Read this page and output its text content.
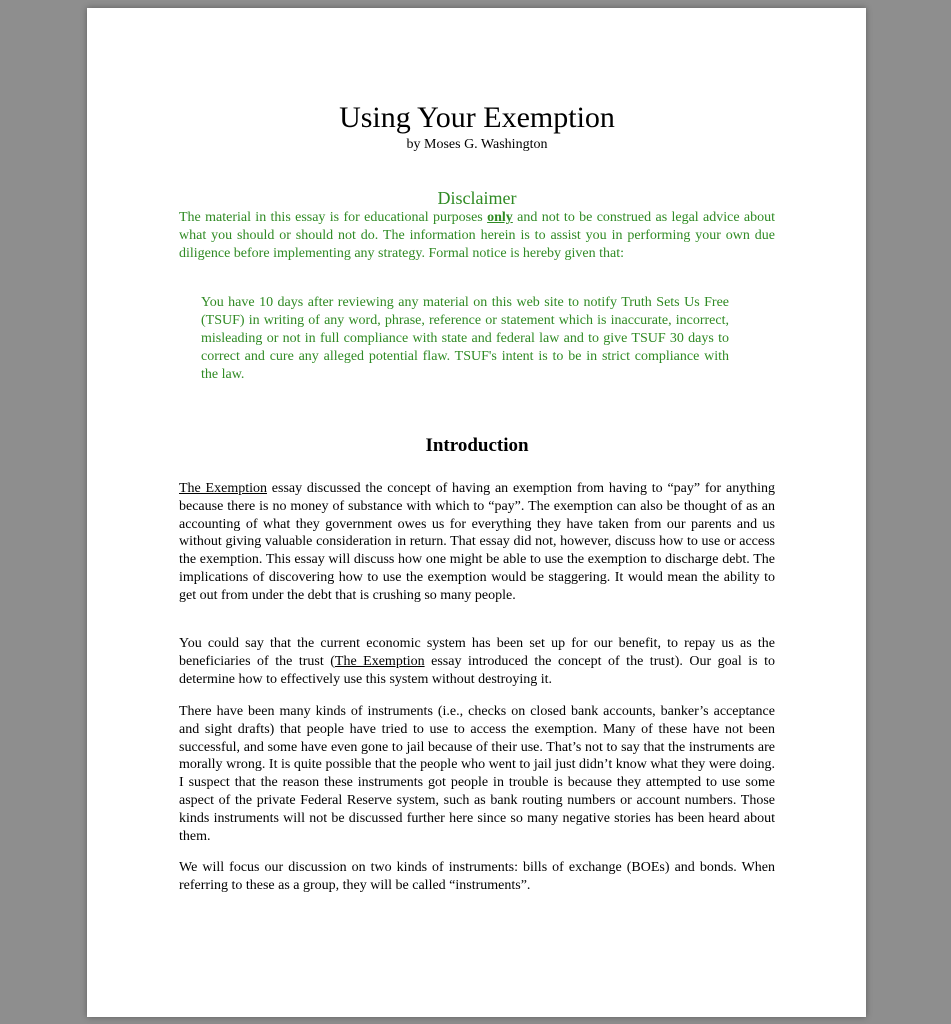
Using Your Exemption
by Moses G. Washington
Disclaimer
The material in this essay is for educational purposes only and not to be construed as legal advice about what you should or should not do. The information herein is to assist you in performing your own due diligence before implementing any strategy. Formal notice is hereby given that:
You have 10 days after reviewing any material on this web site to notify Truth Sets Us Free (TSUF) in writing of any word, phrase, reference or statement which is inaccurate, incorrect, misleading or not in full compliance with state and federal law and to give TSUF 30 days to correct and cure any alleged potential flaw. TSUF's intent is to be in strict compliance with the law.
Introduction

The Exemption essay discussed the concept of having an exemption from having to “pay” for anything because there is no money of substance with which to “pay”. The exemption can also be thought of as an accounting of what they government owes us for everything they have taken from our parents and us without giving valuable consideration in return. That essay did not, however, discuss how to use or access the exemption. This essay will discuss how one might be able to use the exemption to discharge debt. The implications of discovering how to use the exemption would be staggering. It would mean the ability to get out from under the debt that is crushing so many people.

You could say that the current economic system has been set up for our benefit, to repay us as the beneficiaries of the trust (The Exemption essay introduced the concept of the trust). Our goal is to determine how to effectively use this system without destroying it.

There have been many kinds of instruments (i.e., checks on closed bank accounts, banker’s acceptance and sight drafts) that people have tried to use to access the exemption. Many of these have not been successful, and some have even gone to jail because of their use. That’s not to say that the instruments are morally wrong. It is quite possible that the people who went to jail just didn’t know what they were doing. I suspect that the reason these instruments got people in trouble is because they attempted to use some aspect of the private Federal Reserve system, such as bank routing numbers or account numbers. Those kinds instruments will not be discussed further here since so many negative stories has been heard about them.

We will focus our discussion on two kinds of instruments: bills of exchange (BOEs) and bonds. When referring to these as a group, they will be called “instruments”.
